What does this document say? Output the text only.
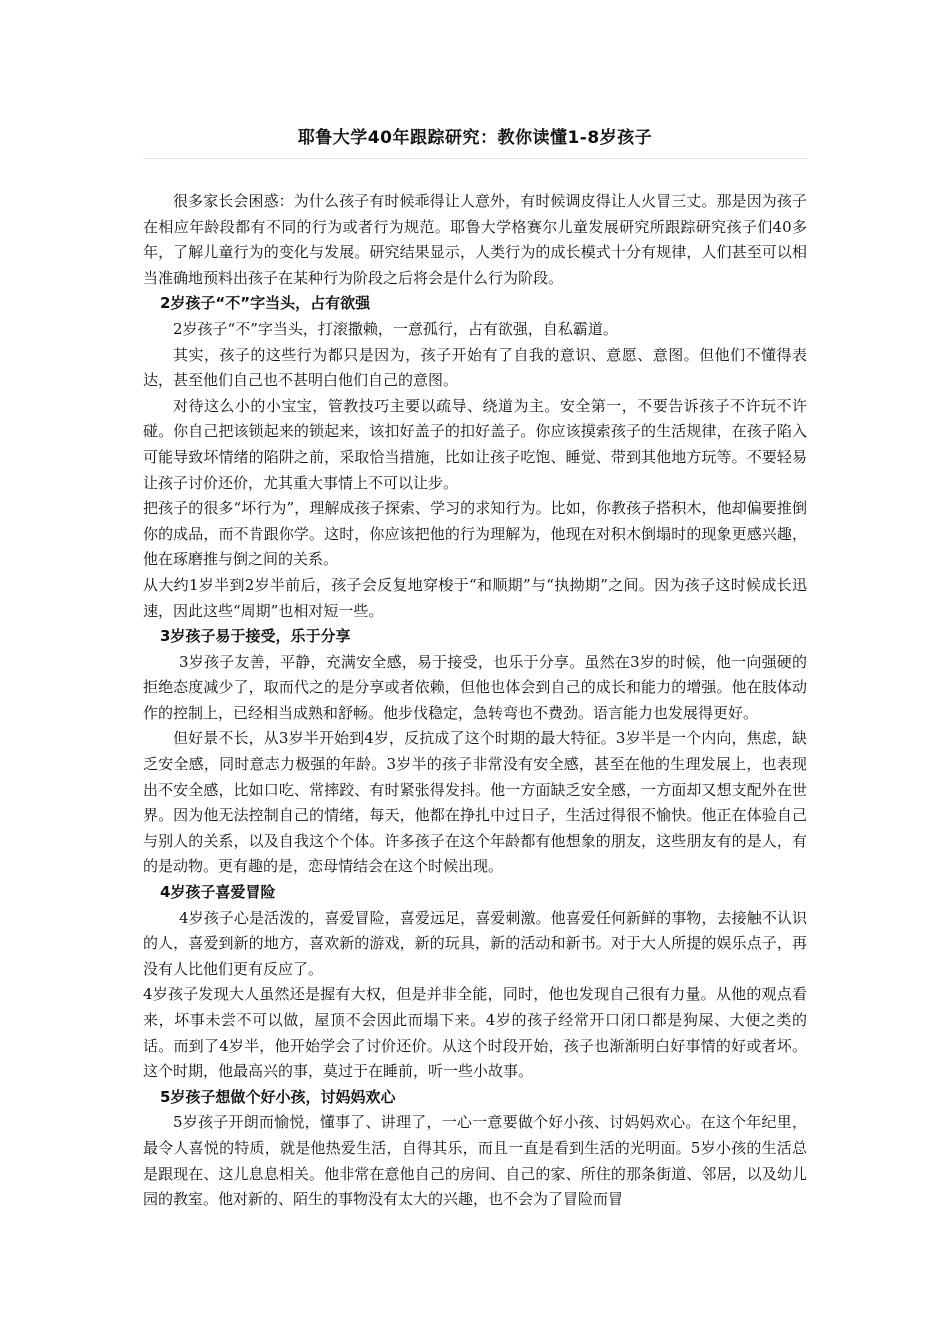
耶鲁大学40年跟踪研究：教你读懂1-8岁孩子

很多家长会困惑：为什么孩子有时候乖得让人意外，有时候调皮得让人火冒三丈。那是因为孩子在相应年龄段都有不同的行为或者行为规范。耶鲁大学格赛尔儿童发展研究所跟踪研究孩子们40多年，了解儿童行为的变化与发展。研究结果显示，人类行为的成长模式十分有规律，人们甚至可以相当准确地预料出孩子在某种行为阶段之后将会是什么行为阶段。

2岁孩子“不”字当头，占有欲强

2岁孩子“不”字当头，打滚撒赖，一意孤行，占有欲强，自私霸道。

其实，孩子的这些行为都只是因为，孩子开始有了自我的意识、意愿、意图。但他们不懂得表达，甚至他们自己也不甚明白他们自己的意图。

对待这么小的小宝宝，管教技巧主要以疏导、绕道为主。安全第一，不要告诉孩子不许玩不许碰。你自己把该锁起来的锁起来，该扣好盖子的扣好盖子。你应该摸索孩子的生活规律，在孩子陷入可能导致坏情绪的陷阱之前，采取恰当措施，比如让孩子吃饱、睡觉、带到其他地方玩等。不要轻易让孩子讨价还价，尤其重大事情上不可以让步。

把孩子的很多“坏行为”，理解成孩子探索、学习的求知行为。比如，你教孩子搭积木，他却偏要推倒你的成品，而不肯跟你学。这时，你应该把他的行为理解为，他现在对积木倒塌时的现象更感兴趣，他在琢磨推与倒之间的关系。

从大约1岁半到2岁半前后，孩子会反复地穿梭于“和顺期”与“执拗期”之间。因为孩子这时候成长迅速，因此这些“周期”也相对短一些。

3岁孩子易于接受，乐于分享

3岁孩子友善，平静，充满安全感，易于接受，也乐于分享。虽然在3岁的时候，他一向强硬的拒绝态度减少了，取而代之的是分享或者依赖，但他也体会到自己的成长和能力的增强。他在肢体动作的控制上，已经相当成熟和舒畅。他步伐稳定，急转弯也不费劲。语言能力也发展得更好。

但好景不长，从3岁半开始到4岁，反抗成了这个时期的最大特征。3岁半是一个内向，焦虑，缺乏安全感，同时意志力极强的年龄。3岁半的孩子非常没有安全感，甚至在他的生理发展上，也表现出不安全感，比如口吃、常摔跤、有时紧张得发抖。他一方面缺乏安全感，一方面却又想支配外在世界。因为他无法控制自己的情绪，每天，他都在挣扎中过日子，生活过得很不愉快。他正在体验自己与别人的关系，以及自我这个个体。许多孩子在这个年龄都有他想象的朋友，这些朋友有的是人，有的是动物。更有趣的是，恋母情结会在这个时候出现。

4岁孩子喜爱冒险

4岁孩子心是活泼的，喜爱冒险，喜爱远足，喜爱刺激。他喜爱任何新鲜的事物，去接触不认识的人，喜爱到新的地方，喜欢新的游戏，新的玩具，新的活动和新书。对于大人所提的娱乐点子，再没有人比他们更有反应了。

4岁孩子发现大人虽然还是握有大权，但是并非全能，同时，他也发现自己很有力量。从他的观点看来，坏事未尝不可以做，屋顶不会因此而塌下来。4岁的孩子经常开口闭口都是狗屎、大便之类的话。而到了4岁半，他开始学会了讨价还价。从这个时段开始，孩子也渐渐明白好事情的好或者坏。这个时期，他最高兴的事，莫过于在睡前，听一些小故事。

5岁孩子想做个好小孩，讨妈妈欢心

5岁孩子开朗而愉悦，懂事了、讲理了，一心一意要做个好小孩、讨妈妈欢心。在这个年纪里，最令人喜悦的特质，就是他热爱生活，自得其乐，而且一直是看到生活的光明面。5岁小孩的生活总是跟现在、这儿息息相关。他非常在意他自己的房间、自己的家、所住的那条街道、邻居，以及幼儿园的教室。他对新的、陌生的事物没有太大的兴趣，也不会为了冒险而冒
